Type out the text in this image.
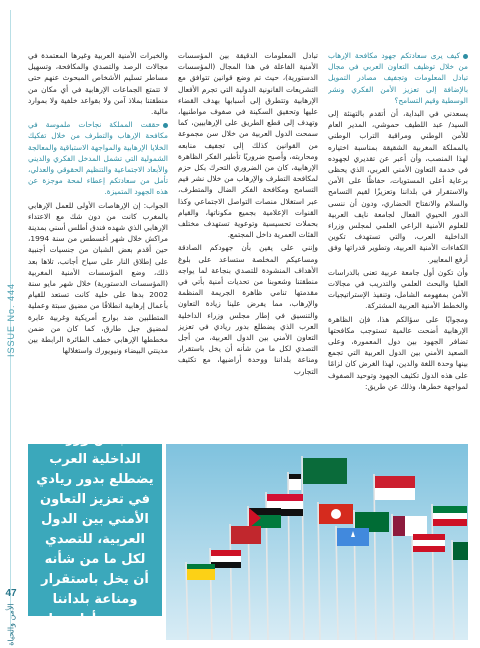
ISSUE No. 444
47
الأمن والحياة

كيف يرى سعادتكم جهود مكافحة الإرهاب من خلال توظيف التعاون العربي في مجال تبادل المعلومات وتجفيف مصادر التمويل بالإضافة إلى تعزيز الأمن الفكري ونشر الوسطية وقيم التسامح؟

يسعدني في البداية، أن أتقدم بالتهنئة إلى السيد/ عبد اللطيف حموشي، المدير العام للأمن الوطني ومراقبة التراب الوطني بالمملكة المغربية الشقيقة بمناسبة اختياره لهذا المنصب، وأن أعبر عن تقديري لجهوده في خدمة التعاون الأمني العربي، الذي يحظى برعاية أعلى المستويات، حفاظًا على الأمن والاستقرار في بلداننا وتعزيزًا لقيم التسامح والسلام والانفتاح الحضاري، ودون أن ننسى الدور الحيوي الفعال لجامعة نايف العربية للعلوم الأمنية الراعي العلمي لمجلس وزراء الداخلية العرب، والتي تستهدف تكوين الكفاءات الأمنية العربية، وتطوير قدراتها وفق أرفع المعايير.

وأن تكون أول جامعة عربية تعنى بالدراسات العليا والبحث العلمي والتدريب في مجالات الأمن بمفهومه الشامل، وتنفيذ الإستراتيجيات والخطط الأمنية العربية المشتركة.

ومجوابًا على سؤالكم هذا، فإن الظاهرة الإرهابية أضحت عالمية تستوجب مكافحتها تضافر الجهود بين دول المعمورة، وعلى الصعيد الأمني بين الدول العربية التي تجمع بينها وحدة اللغة والدين، لهذا الغرض كان لزامًا على هذه الدول تكثيف الجهود وتوحيد الصفوف لمواجهة خطرها، وذلك عن طريق:

تبادل المعلومات الدقيقة بين المؤسسات الأمنية الفاعلة في هذا المجال (المؤسسات الدستورية)، حيث تم وضع قوانين تتوافق مع التشريعات القانونية الدولية التي تجرم الأفعال الإرهابية وتتطرق إلى أسبابها بهدف القضاء عليها وتحقيق السكينة في صفوف مواطنيها، وتهدف إلى قطع الطريق على الإرهابيين، كما سمحت الدول العربية من خلال سن مجموعة من القوانين كذلك إلى تجفيف منابعه ومحاربته، وأصبح ضروريًا تأطير الفكر الظاهرة الإرهابية، كان من الضروري التحرك بكل حزم لمكافحة التطرف والإرهاب من خلال نشر قيم التسامح ومكافحة الفكر الضال والمتطرف، عبر استغلال منصات التواصل الاجتماعي وكذا القنوات الإعلامية بجميع مكوناتها، والقيام بحملات تحسيسية وتوعوية تستهدف مختلف الفئات العمرية داخل المجتمع.

وإنني على يقين بأن جهودكم الصادقة ومساعيكم المخلصة ستساعد على بلوغ الأهداف المنشودة للتصدي بنجاعة لما يواجه منطقتنا وشعوبنا من تحديات أمنية بأتي في مقدمتها تنامي ظاهرة الجريمة المنظمة والإرهاب، مما يفرض علينا زيادة التعاون والتنسيق في إطار مجلس وزراء الداخلية العرب الذي يضطلع بدور ريادي في تعزيز التعاون الأمني بين الدول العربية، من أجل التصدي لكل ما من شأنه أن يخل باستقرار ومناعة بلداننا ووحدة أراضيها، مع تكثيف التجارب

والخبرات الأمنية العربية وغيرها المعتمدة في مجالات الرصد والتصدي والمكافحة، وتسهيل مساطر تسليم الأشخاص المبحوث عنهم حتى لا تتمتع الجماعات الإرهابية في أي مكان من منطقتنا بملاذ آمن ولا بقواعد خلفية ولا بموارد مالية.

حققت المملكة نجاحات ملموسة في مكافحة الإرهاب والتطرف من خلال تفكيك الخلايا الإرهابية والمواجهة الاستباقية والمعالجة الشمولية التي تشمل المدخل الفكري والديني والأبعاد الاجتماعية والتنظيم الحقوقي والعدلي، تأمل من سعادتكم إعطاء لمحة موجزة عن هذه الجهود المتميزة.

الجواب: إن الإرهاصات الأولى للعمل الإرهابي بالمغرب كانت من دون شك مع الاعتداء الإرهابي الذي شهده فندق أطلس أسني بمدينة مراكش خلال شهر أغسطس من سنة 1994، حين أقدم بعض الشبان من جنسيات أجنبية على إطلاق النار على سياح أجانب، تلاها بعد ذلك، وضع المؤسسات الأمنية المغربية (المؤسسات الدستورية) خلال شهر مايو سنة 2002 بدها على خلية كانت تستعد للقيام بأعمال إرهابية انطلاقًا من مضيق سبتة وعملية المتطلبين ضد بوارج أمريكية وغربية عابرة لمضيق جبل طارق، كما كان من ضمن مخططها الإرهابي خطف الطائرة الرابطة بين مدينتي البيضاء ونيويورك واستغلالها

مجلس وزراء الداخلية العرب يضطلع بدور ريادي في تعزيز التعاون الأمني بين الدول العربية، للتصدي لكل ما من شأنه أن يخل باستقرار ومناعة بلداننا ووحدة أراضيها
